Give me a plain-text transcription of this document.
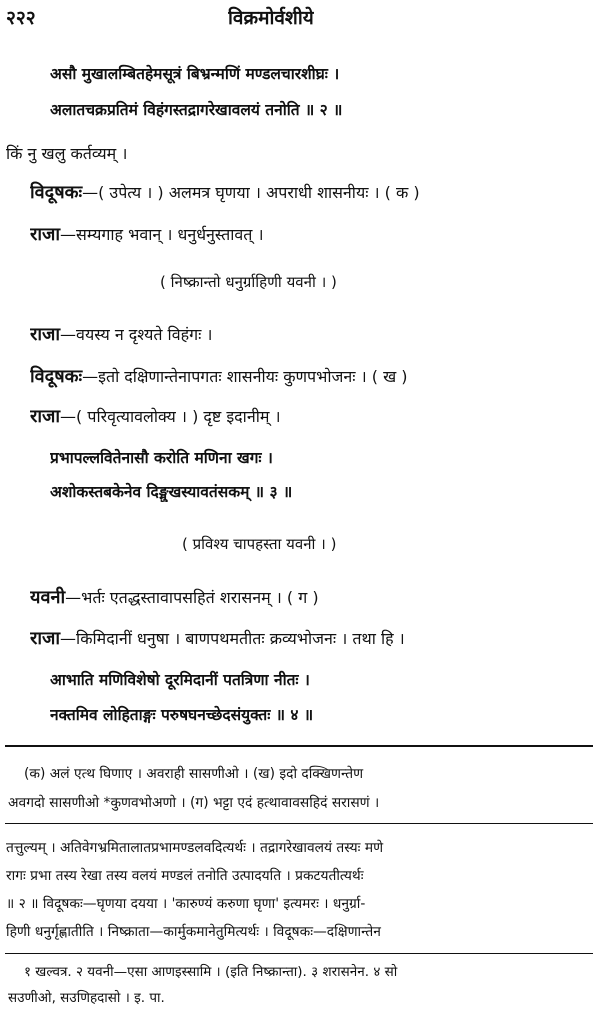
२२२	विक्रमोर्वशीये
असौ मुखालम्बितहेमसूत्रं बिभ्रन्मणिं मण्डलचारशीघ्रः ।
अलातचक्रप्रतिमं विहंगस्तद्रागरेखावलयं तनोति ॥ २ ॥
किं नु खलु कर्तव्यम् ।
विदूषकः—( उपेत्य । ) अलमत्र घृणया । अपराधी शासनीयः । ( क )
राजा—सम्यगाह भवान् । धनुर्धनुस्तावत् ।
( निष्क्रान्तो धनुर्ग्राहिणी यवनी । )
राजा—वयस्य न दृश्यते विहंगः ।
विदूषकः—इतो दक्षिणान्तेनापगतः शासनीयः कुणपभोजनः । ( ख )
राजा—( परिवृत्यावलोक्य । ) दृष्ट इदानीम् ।
प्रभापल्लवितेनासौ करोति मणिना खगः ।
अशोकस्तबकेनेव दिङ्मुखस्यावतंसकम् ॥ ३ ॥
( प्रविश्य चापहस्ता यवनी । )
यवनी—भर्तः एतद्धस्तावापसहितं शरासनम् । ( ग )
राजा—किमिदानीं धनुषा । बाणपथमतीतः क्रव्यभोजनः । तथा हि ।
आभाति मणिविशेषो दूरमिदानीं पतत्रिणा नीतः ।
नक्तमिव लोहिताङ्गः परुषघनच्छेदसंयुक्तः ॥ ४ ॥
(क) अलं एत्थ घिणाए । अवराही सासणीओ । (ख) इदो दक्खिणन्तेण
अवगदो सासणीओ *कुणवभोअणो । (ग) भट्टा एदं हत्थावावसहिदं सरासणं ।
तत्तुल्यम् । अतिवेगभ्रमितालातप्रभामण्डलवदित्यर्थः । तद्रागरेखावलयं तस्यः मणे
रागः प्रभा तस्य रेखा तस्य वलयं मण्डलं तनोति उत्पादयति । प्रकटयतीत्यर्थः
॥ २ ॥ विदूषकः—घृणया दयया । 'कारुण्यं करुणा घृणा' इत्यमरः । धनुर्ग्रा-
हिणी धनुर्गृह्णातीति । निष्क्राता—कार्मुकमानेतुमित्यर्थः । विदूषकः—दक्षिणान्तेन
१ खल्वत्र. २ यवनी—एसा आणइस्सामि । (इति निष्क्रान्ता). ३ शरासनेन. ४ सो
सउणीओ, सउणिहदासो । इ. पा.
